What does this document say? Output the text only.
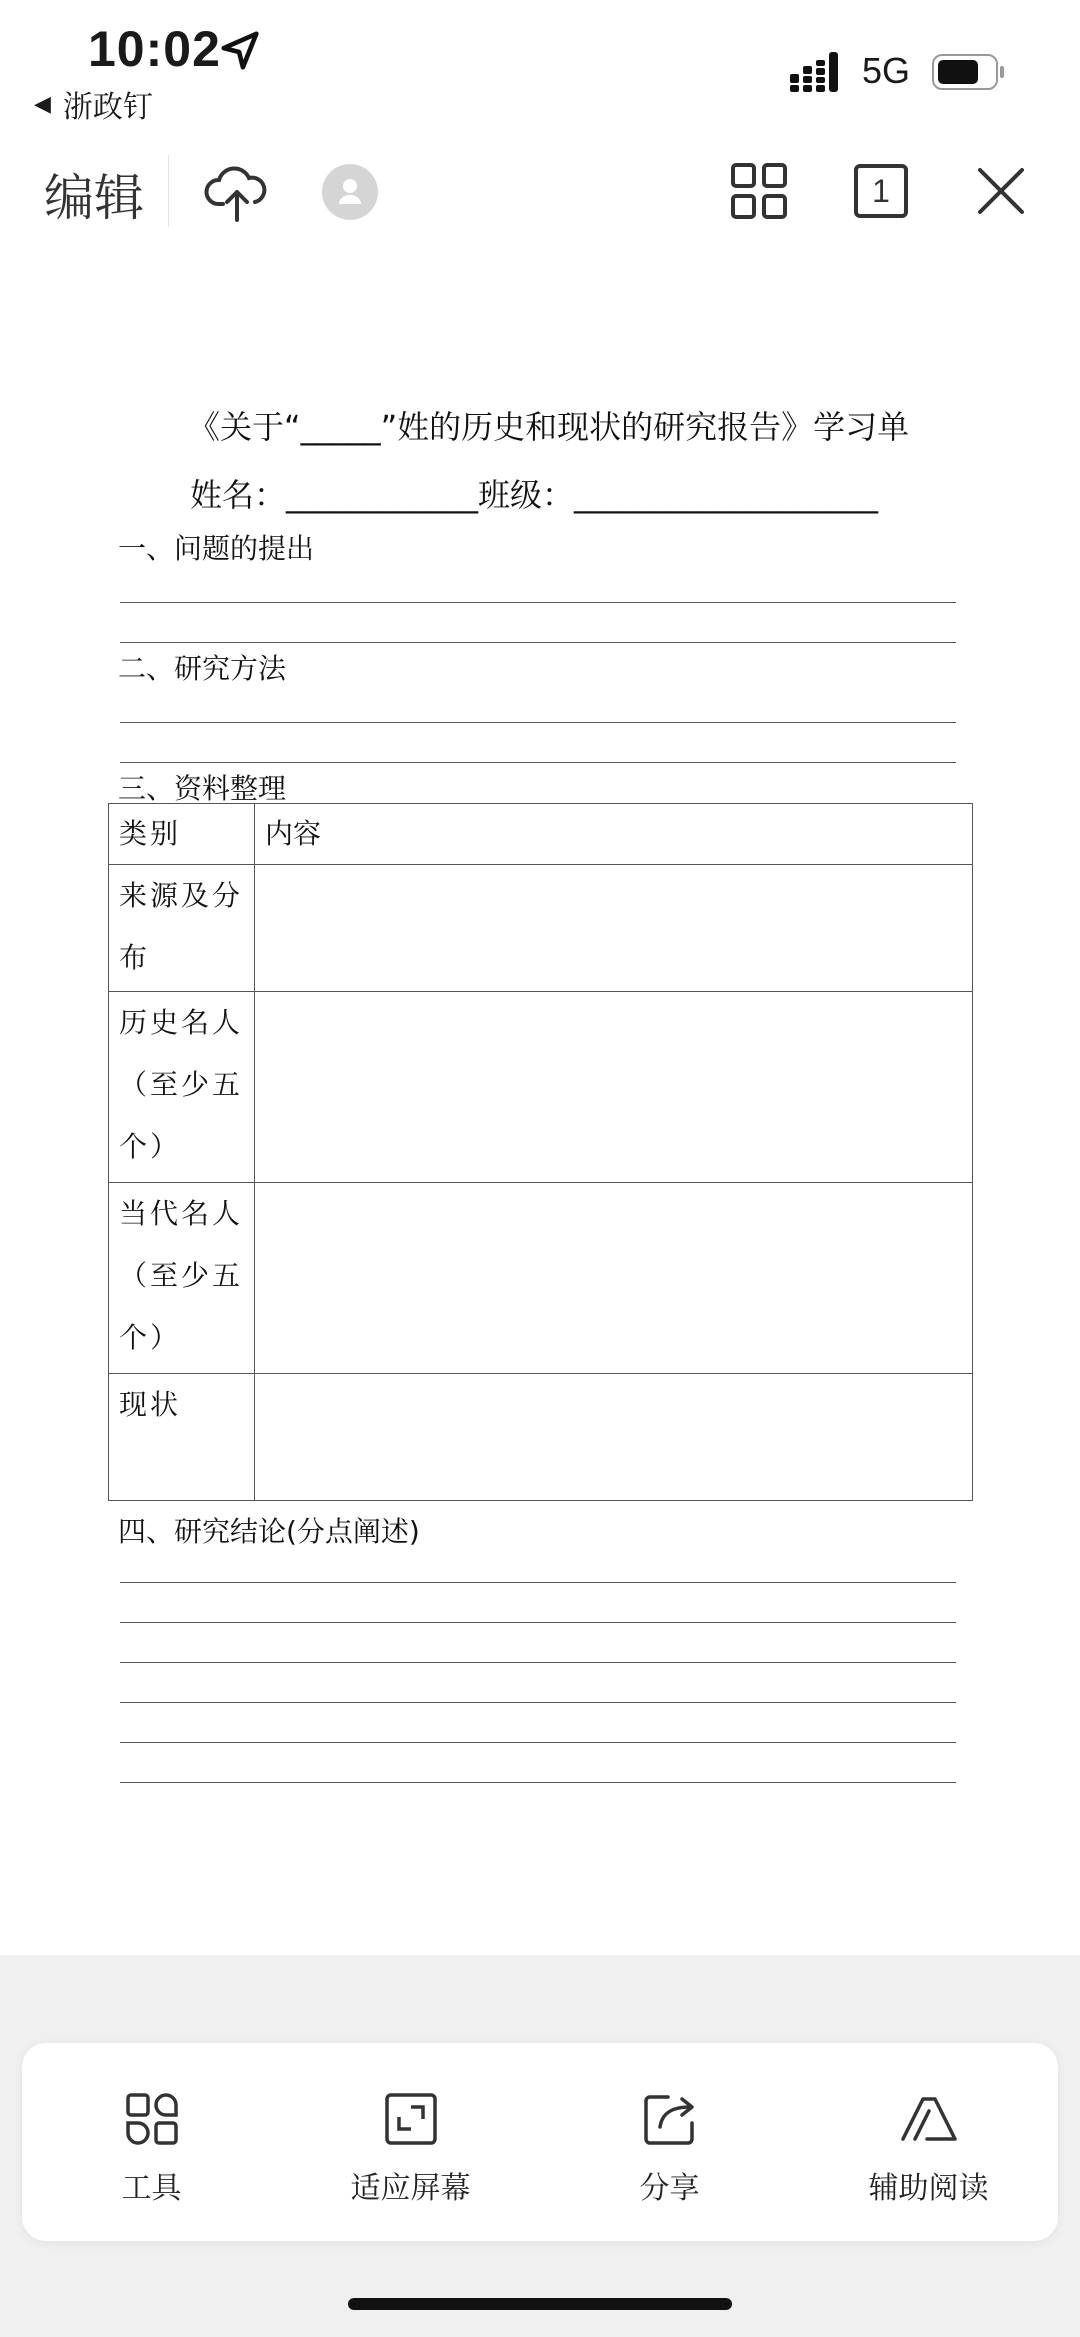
10:02
◀ 浙政钉
5G
编辑	1
《关于“_____”姓的历史和现状的研究报告》学习单
姓名：____________班级：___________________
一、问题的提出
二、研究方法
三、资料整理
类别	内容
来源及分布	
历史名人（至少五个）	
当代名人（至少五个）	
现状	
四、研究结论(分点阐述)
工具	适应屏幕	分享	辅助阅读
